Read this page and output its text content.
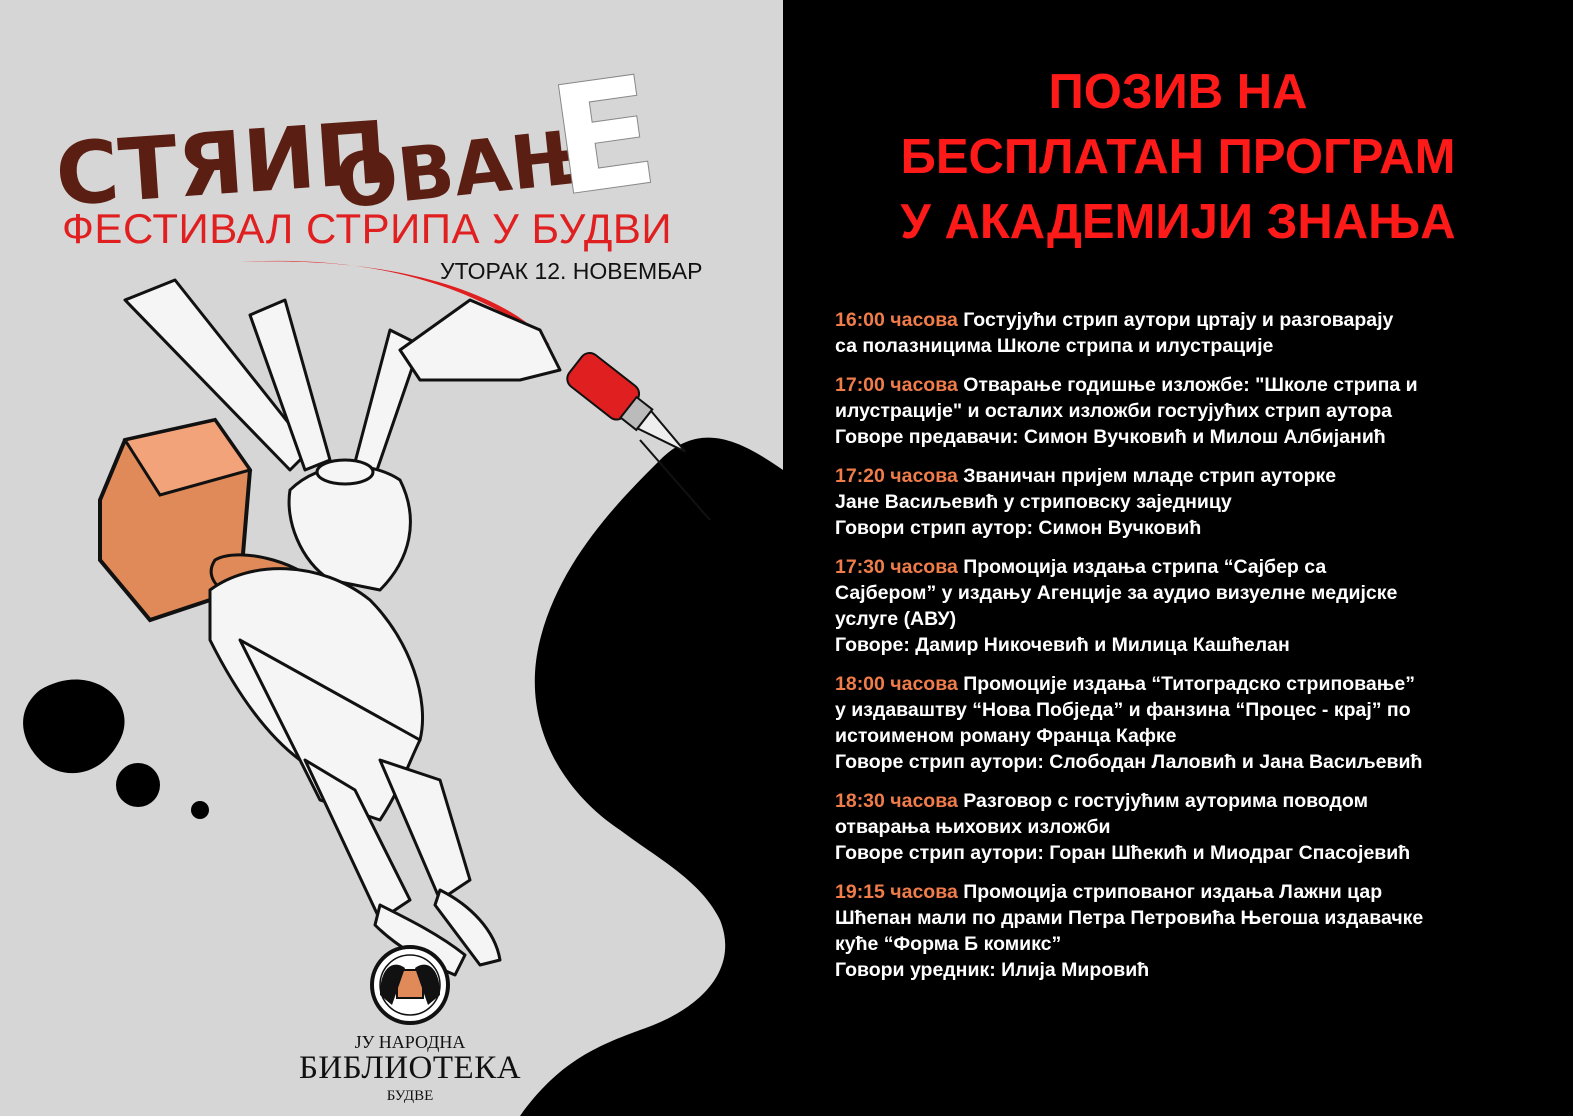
СТЯИП
ОВАЊ
Е
ФЕСТИВАЛ СТРИПА У БУДВИ
УТОРАК 12. НОВЕМБАР
ЈУ НАРОДНА
БИБЛИОТЕКА
БУДВЕ
ПОЗИВ НА
БЕСПЛАТАН ПРОГРАМ
У АКАДЕМИЈИ ЗНАЊА
16:00 часова Гостујући стрип аутори цртају и разговарају
са полазницима Школе стрипа и илустрације
17:00 часова Отварање годишње изложбе: "Школе стрипа и
илустрације" и осталих изложби гостујућих стрип аутора
Говоре предавачи: Симон Вучковић и Милош Албијанић
17:20 часова Званичан пријем младе стрип ауторке
Јане Васиљевић у стриповску заједницу
Говори стрип аутор: Симон Вучковић
17:30 часова Промоција издања стрипа “Сајбер са
Сајбером” у издању Агенције за аудио визуелне медијске
услуге (АВУ)
Говоре: Дамир Никочевић и Милица Кашћелан
18:00 часова Промоције издања “Титоградско стриповање”
у издаваштву “Нова Побједа” и фанзина “Процес - крај” по
истоименом роману Франца Кафке
Говоре стрип аутори: Слободан Лаловић и Јана Васиљевић
18:30 часова Разговор с гостујућим ауторима поводом
отварања њихових изложби
Говоре стрип аутори: Горан Шћекић и Миодраг Спасојевић
19:15 часова Промоција стрипованог издања Лажни цар
Шћепан мали по драми Петра Петровића Његоша издавачке
куће “Форма Б комикс”
Говори уредник: Илија Мировић
